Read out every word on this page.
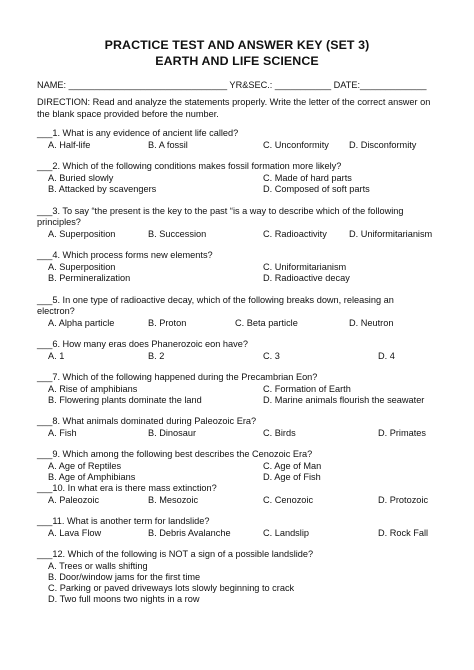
PRACTICE TEST AND ANSWER KEY (SET 3)
EARTH AND LIFE SCIENCE
NAME: _______________________________ YR&SEC.: ___________ DATE:_____________
DIRECTION: Read and analyze the statements properly. Write the letter of the correct answer on
the blank space provided before the number.
___1. What is any evidence of ancient life called?
A. Half-life	B. A fossil	C. Unconformity D. Disconformity
___2. Which of the following conditions makes fossil formation more likely?
A. Buried slowly	C. Made of hard parts
B. Attacked by scavengers	D. Composed of soft parts
___3. To say “the present is the key to the past “is a way to describe which of the following
principles?
A. Superposition	B. Succession	C. Radioactivity D. Uniformitarianism
___4. Which process forms new elements?
A. Superposition	C. Uniformitarianism
B. Permineralization	D. Radioactive decay
___5. In one type of radioactive decay, which of the following breaks down, releasing an
electron?
A. Alpha particle	B. Proton	C. Beta particle	D. Neutron
___6. How many eras does Phanerozoic eon have?
A. 1	B. 2	C. 3	D. 4
___7. Which of the following happened during the Precambrian Eon?
A. Rise of amphibians	C. Formation of Earth
B. Flowering plants dominate the land	D. Marine animals flourish the seawater
___8. What animals dominated during Paleozoic Era?
A. Fish	B. Dinosaur	C. Birds	D. Primates
___9. Which among the following best describes the Cenozoic Era?
A. Age of Reptiles	C. Age of Man
B. Age of Amphibians	D. Age of Fish
___10. In what era is there mass extinction?
A. Paleozoic	B. Mesozoic	C. Cenozoic	D. Protozoic
___11. What is another term for landslide?
A. Lava Flow	B. Debris Avalanche	C. Landslip	D. Rock Fall
___12. Which of the following is NOT a sign of a possible landslide?
A. Trees or walls shifting
B. Door/window jams for the first time
C. Parking or paved driveways lots slowly beginning to crack
D. Two full moons two nights in a row
